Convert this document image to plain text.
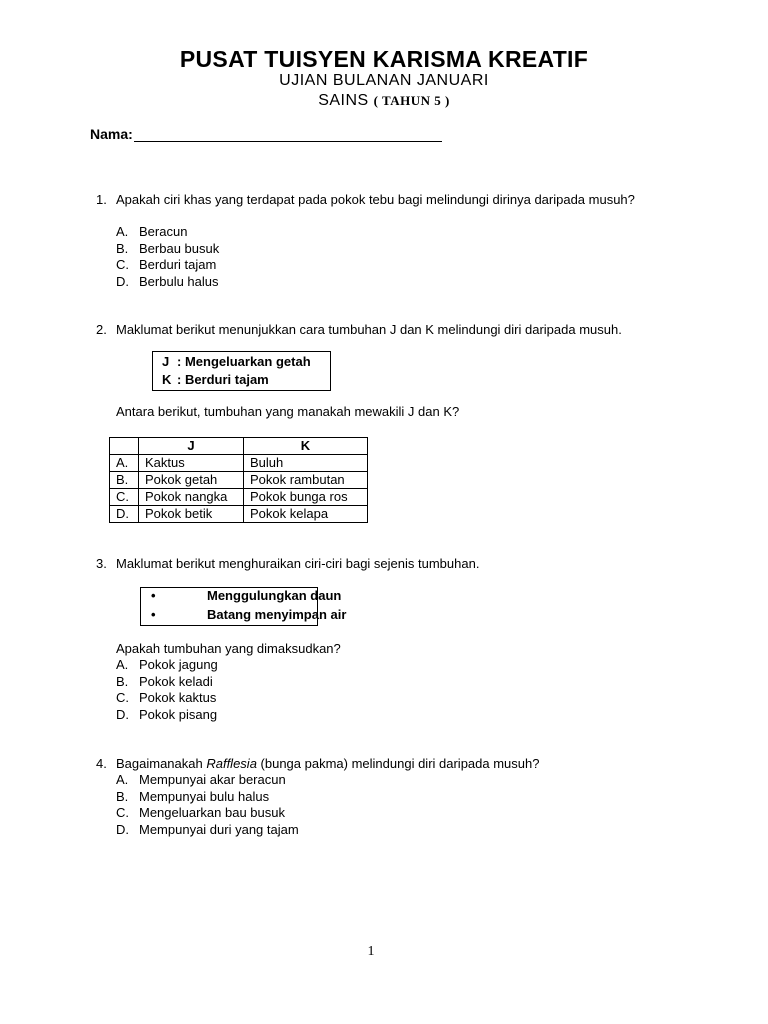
PUSAT TUISYEN KARISMA KREATIF
UJIAN BULANAN JANUARI
SAINS ( TAHUN 5 )
Nama:
1. Apakah ciri khas yang terdapat pada pokok tebu bagi melindungi dirinya daripada musuh?
A. Beracun
B. Berbau busuk
C. Berduri tajam
D. Berbulu halus
2. Maklumat berikut menunjukkan cara tumbuhan J dan K melindungi diri daripada musuh.
J : Mengeluarkan getah
K : Berduri tajam
Antara berikut, tumbuhan yang manakah mewakili J dan K?
	J	K
A.	Kaktus	Buluh
B.	Pokok getah	Pokok rambutan
C.	Pokok nangka	Pokok bunga ros
D.	Pokok betik	Pokok kelapa
3. Maklumat berikut menghuraikan ciri-ciri bagi sejenis tumbuhan.
•	Menggulungkan daun
•	Batang menyimpan air
Apakah tumbuhan yang dimaksudkan?
A. Pokok jagung
B. Pokok keladi
C. Pokok kaktus
D. Pokok pisang
4. Bagaimanakah Rafflesia (bunga pakma) melindungi diri daripada musuh?
A. Mempunyai akar beracun
B. Mempunyai bulu halus
C. Mengeluarkan bau busuk
D. Mempunyai duri yang tajam
1
